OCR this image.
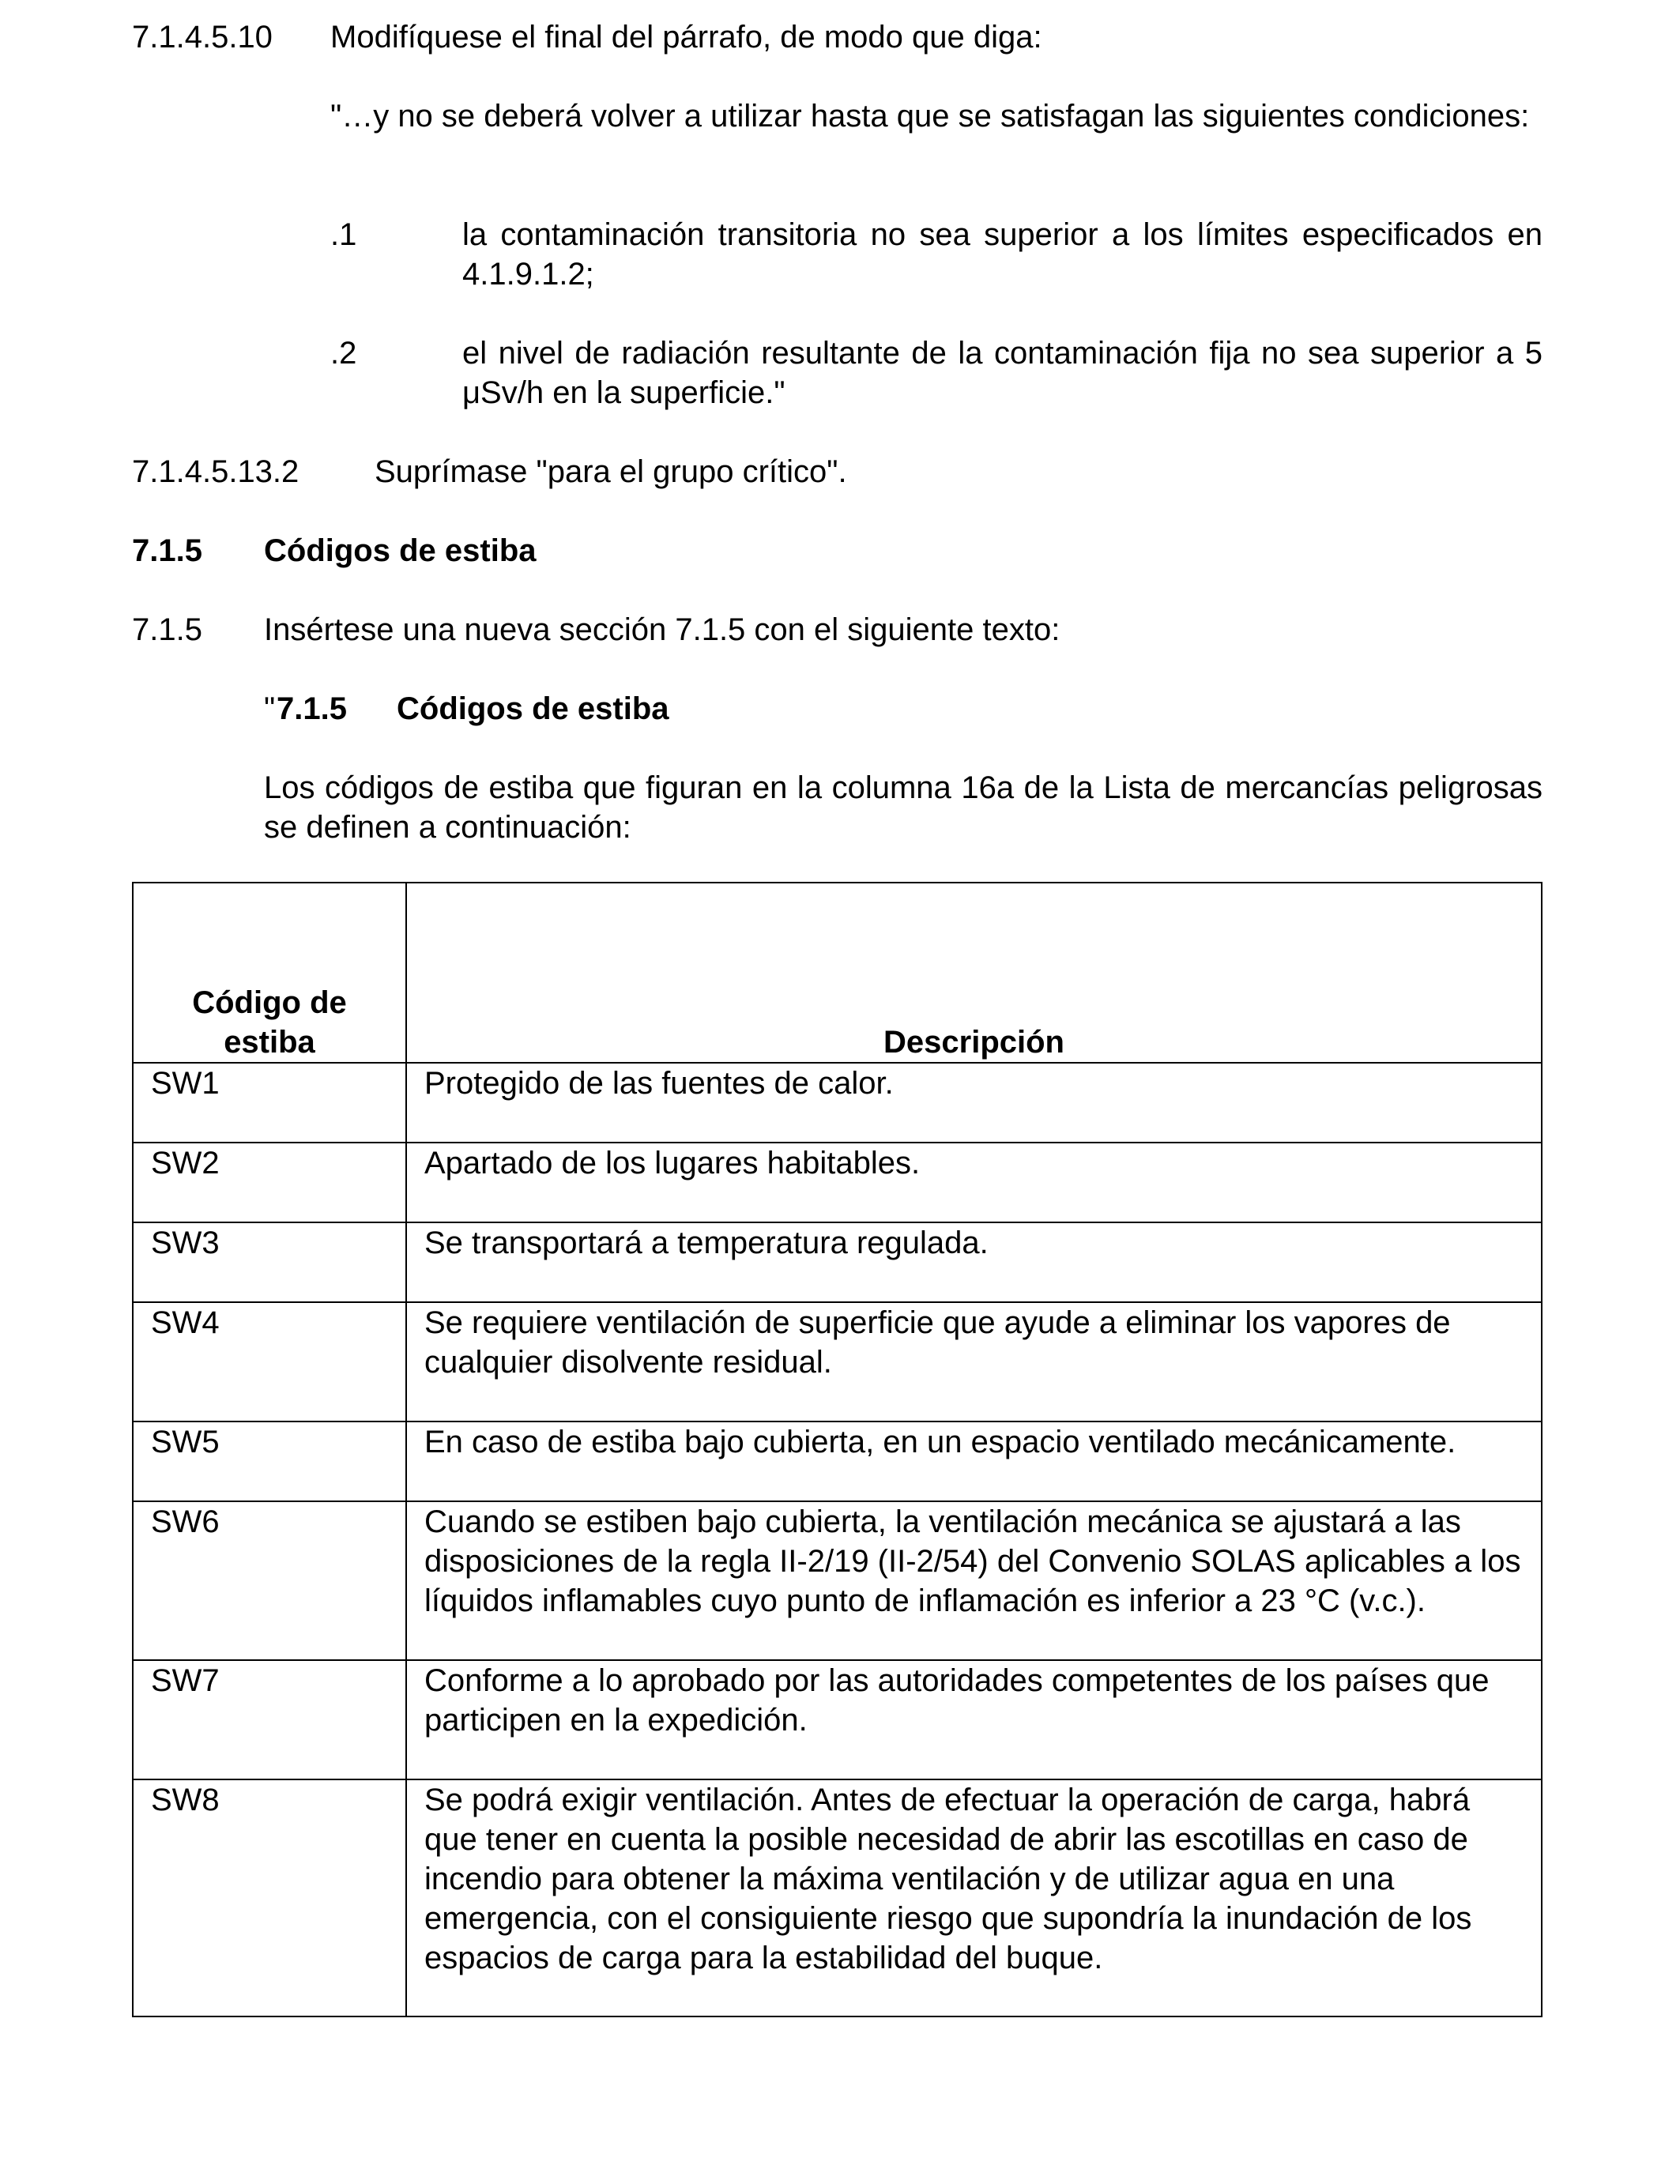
7.1.4.5.10 Modifíquese el final del párrafo, de modo que diga:
"…y no se deberá volver a utilizar hasta que se satisfagan las siguientes condiciones:
.1	la contaminación transitoria no sea superior a los límites especificados en 4.1.9.1.2;
.2	el nivel de radiación resultante de la contaminación fija no sea superior a 5 μSv/h en la superficie."
7.1.4.5.13.2 Suprímase "para el grupo crítico".
7.1.5 Códigos de estiba
7.1.5 Insértese una nueva sección 7.1.5 con el siguiente texto:
" 7.1.5 Códigos de estiba
Los códigos de estiba que figuran en la columna 16a de la Lista de mercancías peligrosas se definen a continuación:
Código de estiba	Descripción
SW1	Protegido de las fuentes de calor.
SW2	Apartado de los lugares habitables.
SW3	Se transportará a temperatura regulada.
SW4	Se requiere ventilación de superficie que ayude a eliminar los vapores de cualquier disolvente residual.
SW5	En caso de estiba bajo cubierta, en un espacio ventilado mecánicamente.
SW6	Cuando se estiben bajo cubierta, la ventilación mecánica se ajustará a las disposiciones de la regla II-2/19 (II-2/54) del Convenio SOLAS aplicables a los líquidos inflamables cuyo punto de inflamación es inferior a 23 °C (v.c.).
SW7	Conforme a lo aprobado por las autoridades competentes de los países que participen en la expedición.
SW8	Se podrá exigir ventilación. Antes de efectuar la operación de carga, habrá que tener en cuenta la posible necesidad de abrir las escotillas en caso de incendio para obtener la máxima ventilación y de utilizar agua en una emergencia, con el consiguiente riesgo que supondría la inundación de los espacios de carga para la estabilidad del buque.
